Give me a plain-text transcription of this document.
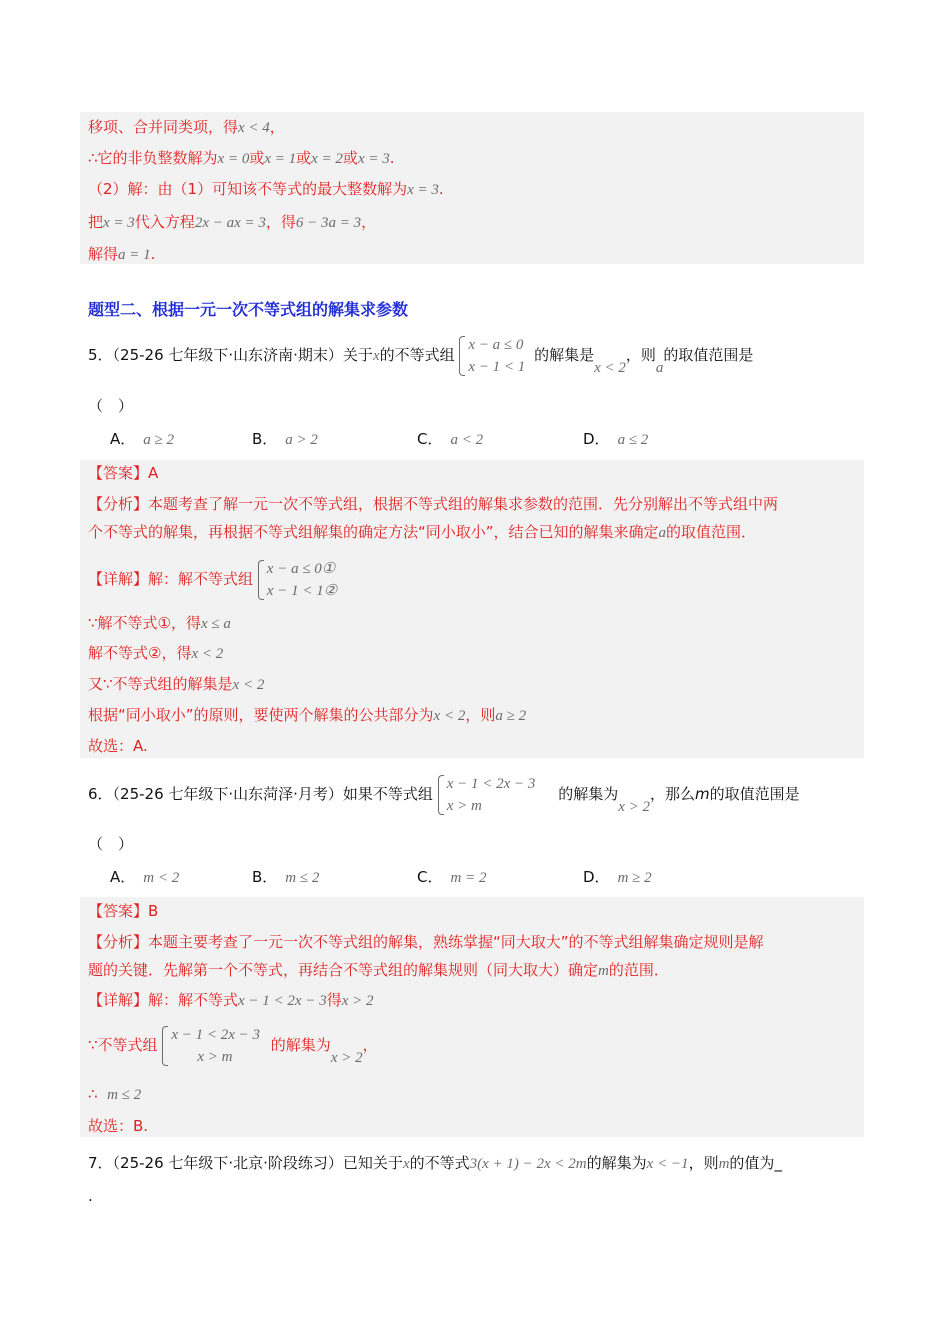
移项、合并同类项，得x < 4，
∴它的非负整数解为x = 0或x = 1或x = 2或x = 3.
（2）解：由（1）可知该不等式的最大整数解为x = 3.
把x = 3代入方程2x − ax = 3，得6 − 3a = 3，
解得a = 1.
题型二、根据一元一次不等式组的解集求参数
5．（25-26 七年级下·山东济南·期末）关于x的不等式组
x − a ≤ 0
x − 1 < 1
的解集是x < 2，则a的取值范围是
（　）
A． a ≥ 2	B． a > 2	C． a < 2	D． a ≤ 2
【答案】A
【分析】本题考查了解一元一次不等式组，根据不等式组的解集求参数的范围．先分别解出不等式组中两
个不等式的解集，再根据不等式组解集的确定方法“同小取小”，结合已知的解集来确定a的取值范围．
【详解】解：解不等式组
x − a ≤ 0①
x − 1 < 1②
∵解不等式①，得x ≤ a
解不等式②，得x < 2
又∵不等式组的解集是x < 2
根据“同小取小”的原则，要使两个解集的公共部分为x < 2，则a ≥ 2
故选：A.
6．（25-26 七年级下·山东菏泽·月考）如果不等式组
x − 1 < 2x − 3
x > m
的解集为x > 2，那么m的取值范围是
（　）
A． m < 2	B． m ≤ 2	C． m = 2	D． m ≥ 2
【答案】B
【分析】本题主要考查了一元一次不等式组的解集，熟练掌握“同大取大”的不等式组解集确定规则是解
题的关键．先解第一个不等式，再结合不等式组的解集规则（同大取大）确定m的范围．
【详解】解：解不等式x − 1 < 2x − 3得x > 2
∵不等式组
x − 1 < 2x − 3
x > m
的解集为x > 2，
∴ m ≤ 2
故选：B.
7．（25-26 七年级下·北京·阶段练习）已知关于x的不等式3(x + 1) − 2x < 2m的解集为x < −1，则m的值为_
.
